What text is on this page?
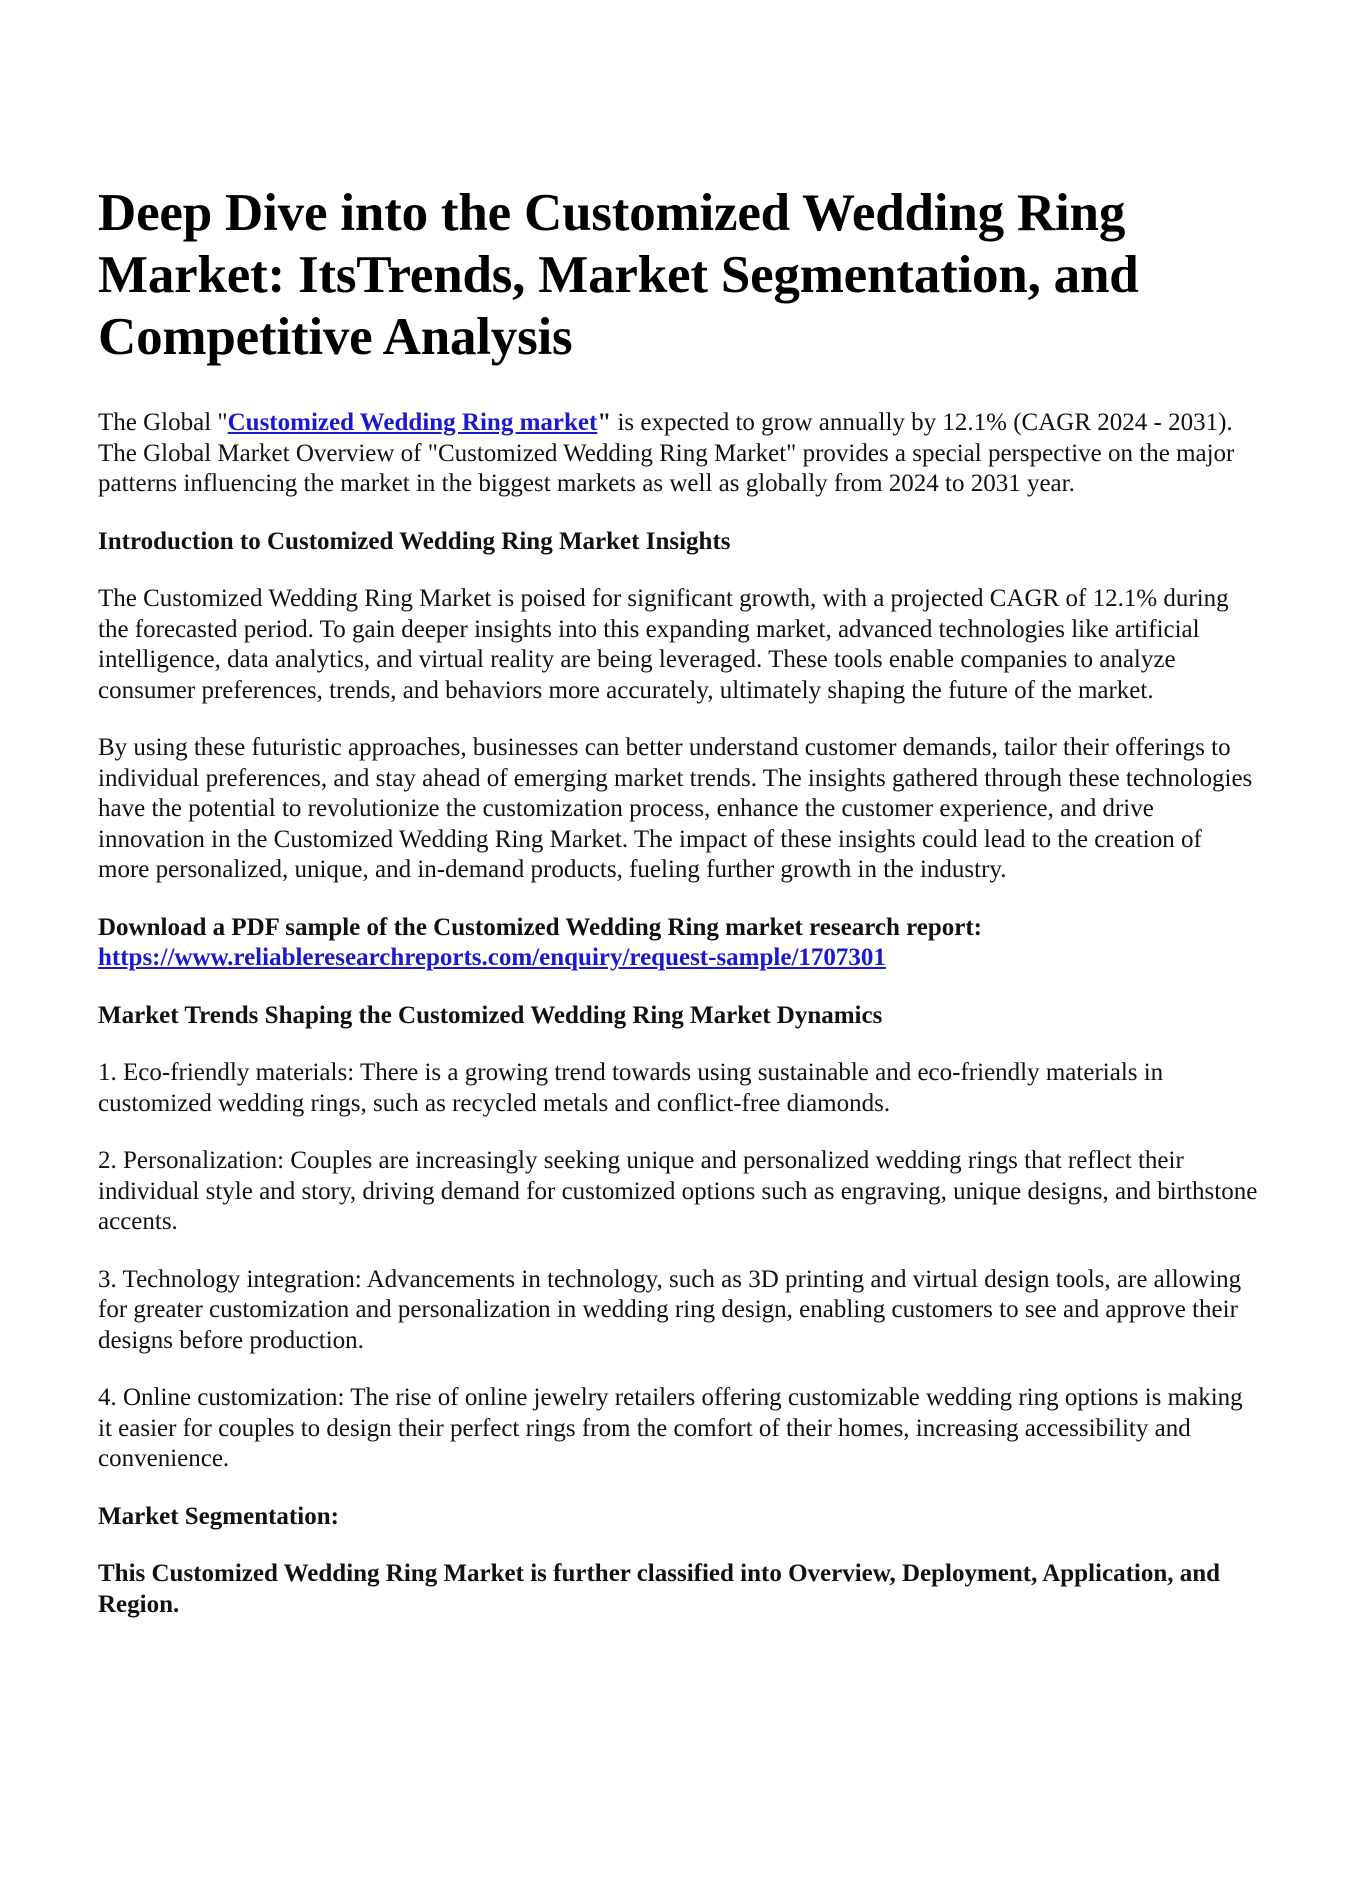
Deep Dive into the Customized Wedding Ring Market: ItsTrends, Market Segmentation, and Competitive Analysis

The Global "Customized Wedding Ring market" is expected to grow annually by 12.1% (CAGR 2024 - 2031). The Global Market Overview of "Customized Wedding Ring Market" provides a special perspective on the major patterns influencing the market in the biggest markets as well as globally from 2024 to 2031 year.

Introduction to Customized Wedding Ring Market Insights

The Customized Wedding Ring Market is poised for significant growth, with a projected CAGR of 12.1% during the forecasted period. To gain deeper insights into this expanding market, advanced technologies like artificial intelligence, data analytics, and virtual reality are being leveraged. These tools enable companies to analyze consumer preferences, trends, and behaviors more accurately, ultimately shaping the future of the market.

By using these futuristic approaches, businesses can better understand customer demands, tailor their offerings to individual preferences, and stay ahead of emerging market trends. The insights gathered through these technologies have the potential to revolutionize the customization process, enhance the customer experience, and drive innovation in the Customized Wedding Ring Market. The impact of these insights could lead to the creation of more personalized, unique, and in-demand products, fueling further growth in the industry.

Download a PDF sample of the Customized Wedding Ring market research report:
https://www.reliableresearchreports.com/enquiry/request-sample/1707301

Market Trends Shaping the Customized Wedding Ring Market Dynamics

1. Eco-friendly materials: There is a growing trend towards using sustainable and eco-friendly materials in customized wedding rings, such as recycled metals and conflict-free diamonds.

2. Personalization: Couples are increasingly seeking unique and personalized wedding rings that reflect their individual style and story, driving demand for customized options such as engraving, unique designs, and birthstone accents.

3. Technology integration: Advancements in technology, such as 3D printing and virtual design tools, are allowing for greater customization and personalization in wedding ring design, enabling customers to see and approve their designs before production.

4. Online customization: The rise of online jewelry retailers offering customizable wedding ring options is making it easier for couples to design their perfect rings from the comfort of their homes, increasing accessibility and convenience.

Market Segmentation:

This Customized Wedding Ring Market is further classified into Overview, Deployment, Application, and Region.
